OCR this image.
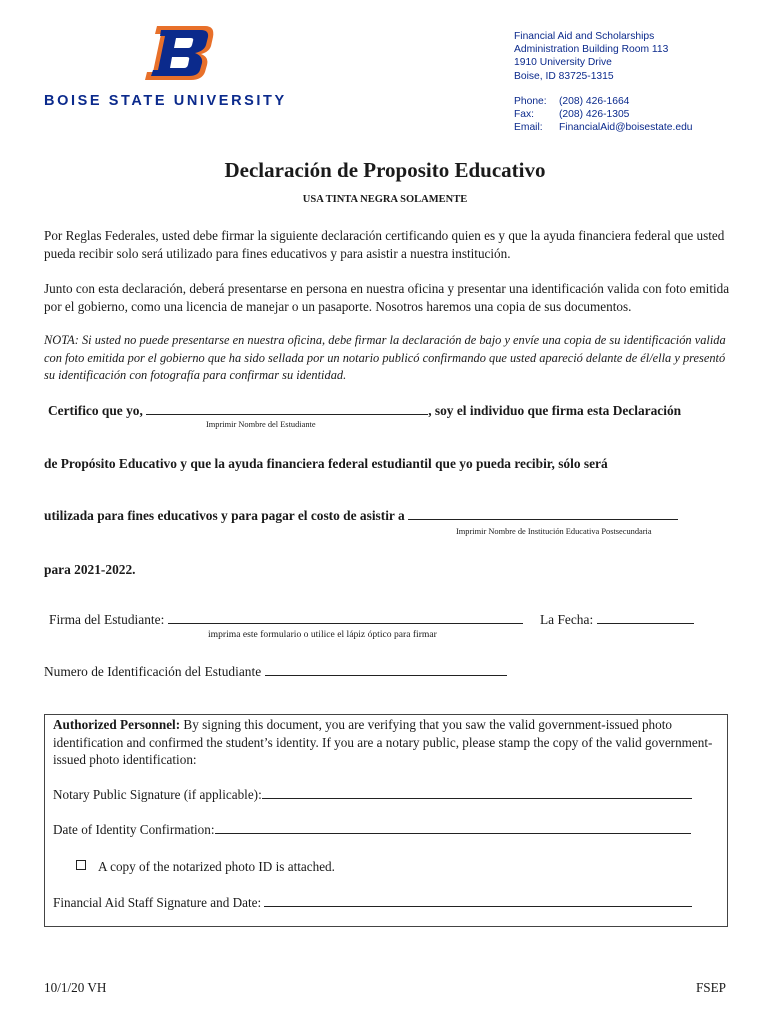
BOISE STATE UNIVERSITY
Financial Aid and Scholarships
Administration Building Room 113
1910 University Drive
Boise, ID 83725-1315
Phone:	(208) 426-1664
Fax:	(208) 426-1305
Email:	FinancialAid@boisestate.edu
Declaración de Proposito Educativo
USA TINTA NEGRA SOLAMENTE
Por Reglas Federales, usted debe firmar la siguiente declaración certificando quien es y que la ayuda financiera federal que usted pueda recibir solo será utilizado para fines educativos y para asistir a nuestra institución.
Junto con esta declaración, deberá presentarse en persona en nuestra oficina y presentar una identificación valida con foto emitida por el gobierno, como una licencia de manejar o un pasaporte. Nosotros haremos una copia de sus documentos.
NOTA: Si usted no puede presentarse en nuestra oficina, debe firmar la declaración de bajo y envíe una copia de su identificación valida con foto emitida por el gobierno que ha sido sellada por un notario publicó confirmando que usted apareció delante de él/ella y presentó su identificación con fotografía para confirmar su identidad.
Certifico que yo,	, soy el individuo que firma esta Declaración
Imprimir Nombre del Estudiante
de Propósito Educativo y que la ayuda financiera federal estudiantil que yo pueda recibir, sólo será
utilizada para fines educativos y para pagar el costo de asistir a
Imprimir Nombre de Institución Educativa Postsecundaria
para 2021-2022.
Firma del Estudiante:	La Fecha:
imprima este formulario o utilice el lápiz óptico para firmar
Numero de Identificación del Estudiante
Authorized Personnel: By signing this document, you are verifying that you saw the valid government-issued photo identification and confirmed the student’s identity. If you are a notary public, please stamp the copy of the valid government-issued photo identification:
Notary Public Signature (if applicable):
Date of Identity Confirmation:
A copy of the notarized photo ID is attached.
Financial Aid Staff Signature and Date:
10/1/20 VH	FSEP
